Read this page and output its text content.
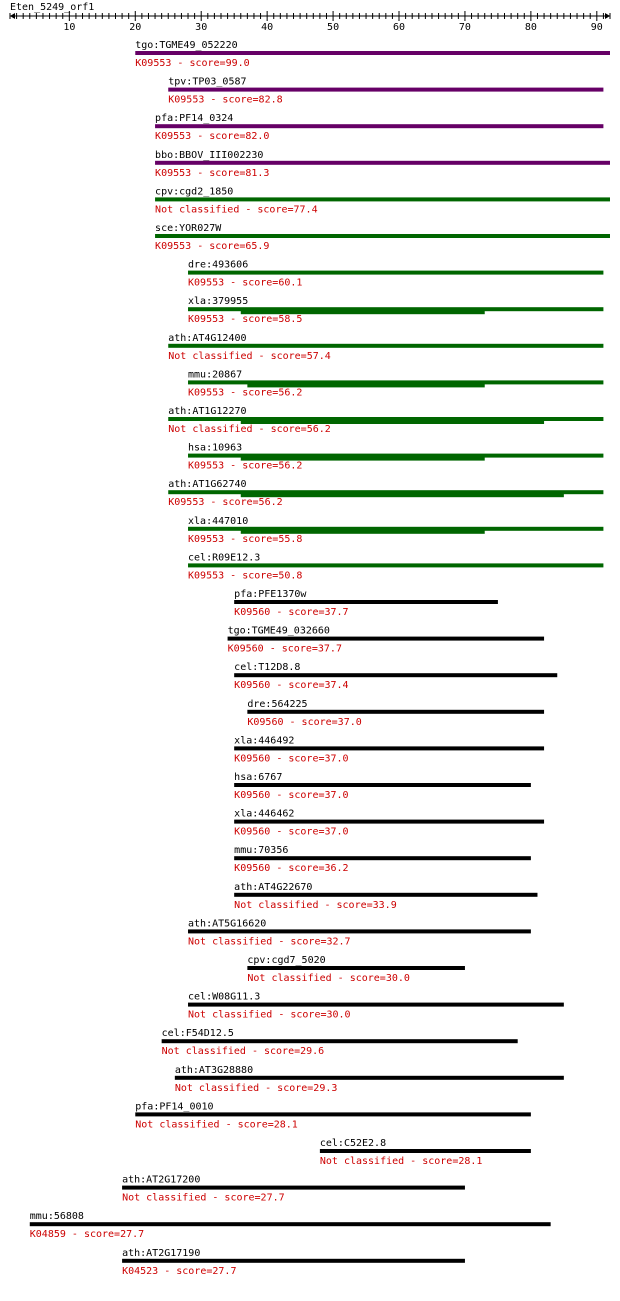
Eten_5249_orf1
10	20	30	40	50	60	70	80	90
tgo:TGME49_052220
K09553 - score=99.0
tpv:TP03_0587
K09553 - score=82.8
pfa:PF14_0324
K09553 - score=82.0
bbo:BBOV_III002230
K09553 - score=81.3
cpv:cgd2_1850
Not classified - score=77.4
sce:YOR027W
K09553 - score=65.9
dre:493606
K09553 - score=60.1
xla:379955
K09553 - score=58.5
ath:AT4G12400
Not classified - score=57.4
mmu:20867
K09553 - score=56.2
ath:AT1G12270
Not classified - score=56.2
hsa:10963
K09553 - score=56.2
ath:AT1G62740
K09553 - score=56.2
xla:447010
K09553 - score=55.8
cel:R09E12.3
K09553 - score=50.8
pfa:PFE1370w
K09560 - score=37.7
tgo:TGME49_032660
K09560 - score=37.7
cel:T12D8.8
K09560 - score=37.4
dre:564225
K09560 - score=37.0
xla:446492
K09560 - score=37.0
hsa:6767
K09560 - score=37.0
xla:446462
K09560 - score=37.0
mmu:70356
K09560 - score=36.2
ath:AT4G22670
Not classified - score=33.9
ath:AT5G16620
Not classified - score=32.7
cpv:cgd7_5020
Not classified - score=30.0
cel:W08G11.3
Not classified - score=30.0
cel:F54D12.5
Not classified - score=29.6
ath:AT3G28880
Not classified - score=29.3
pfa:PF14_0010
Not classified - score=28.1
cel:C52E2.8
Not classified - score=28.1
ath:AT2G17200
Not classified - score=27.7
mmu:56808
K04859 - score=27.7
ath:AT2G17190
K04523 - score=27.7
